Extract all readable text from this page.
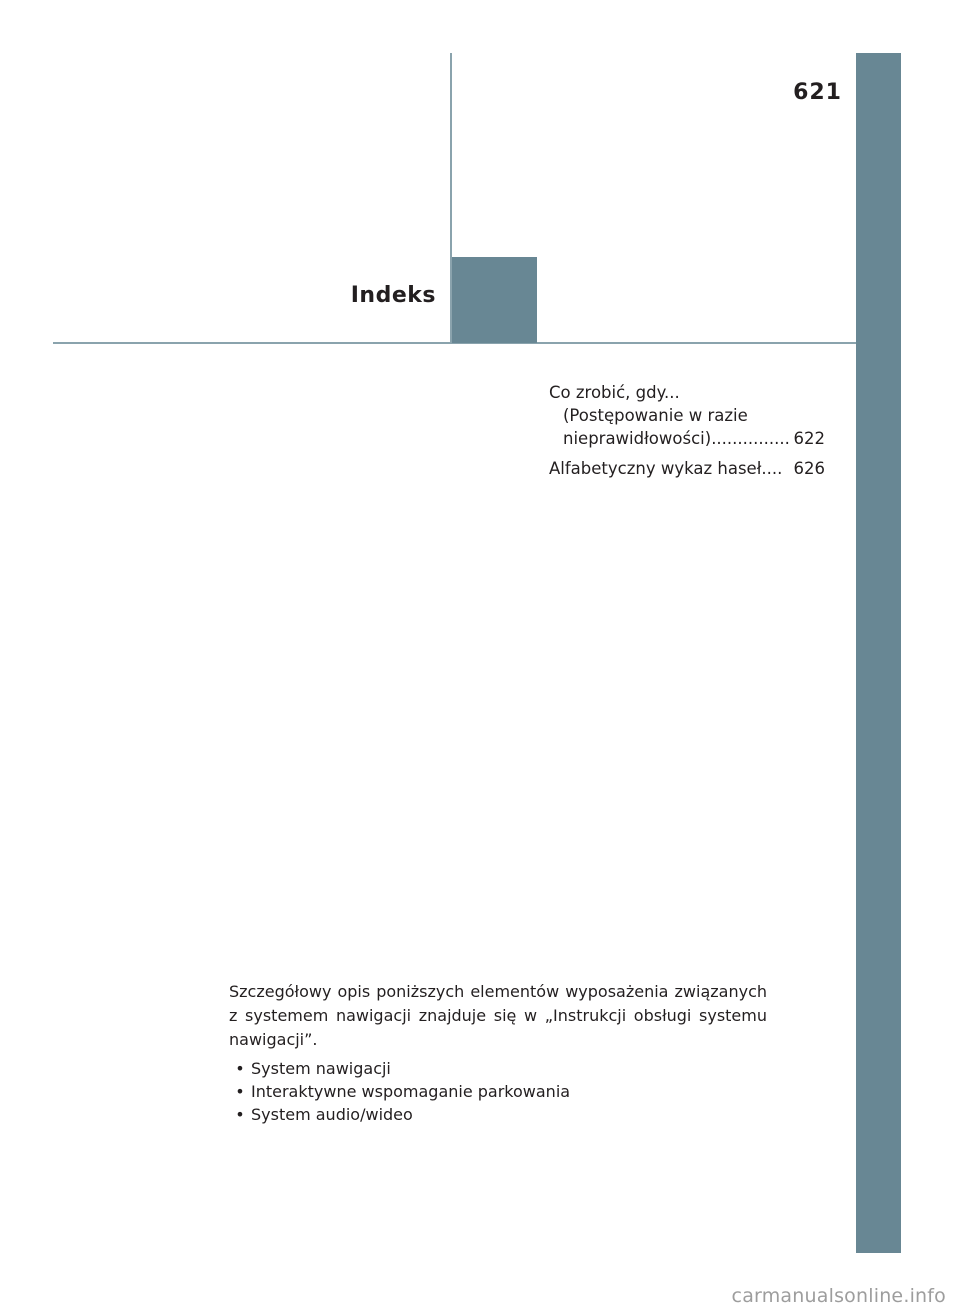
621
Indeks
Co zrobić, gdy...
(Postępowanie w razie
nieprawidłowości) ............... 622
Alfabetyczny wykaz haseł .... 626

Szczegółowy opis poniższych elementów wyposażenia związanych z systemem nawigacji znajduje się w „Instrukcji obsługi systemu nawigacji”.

• System nawigacji
• Interaktywne wspomaganie parkowania
• System audio/wideo
carmanualsonline.info
